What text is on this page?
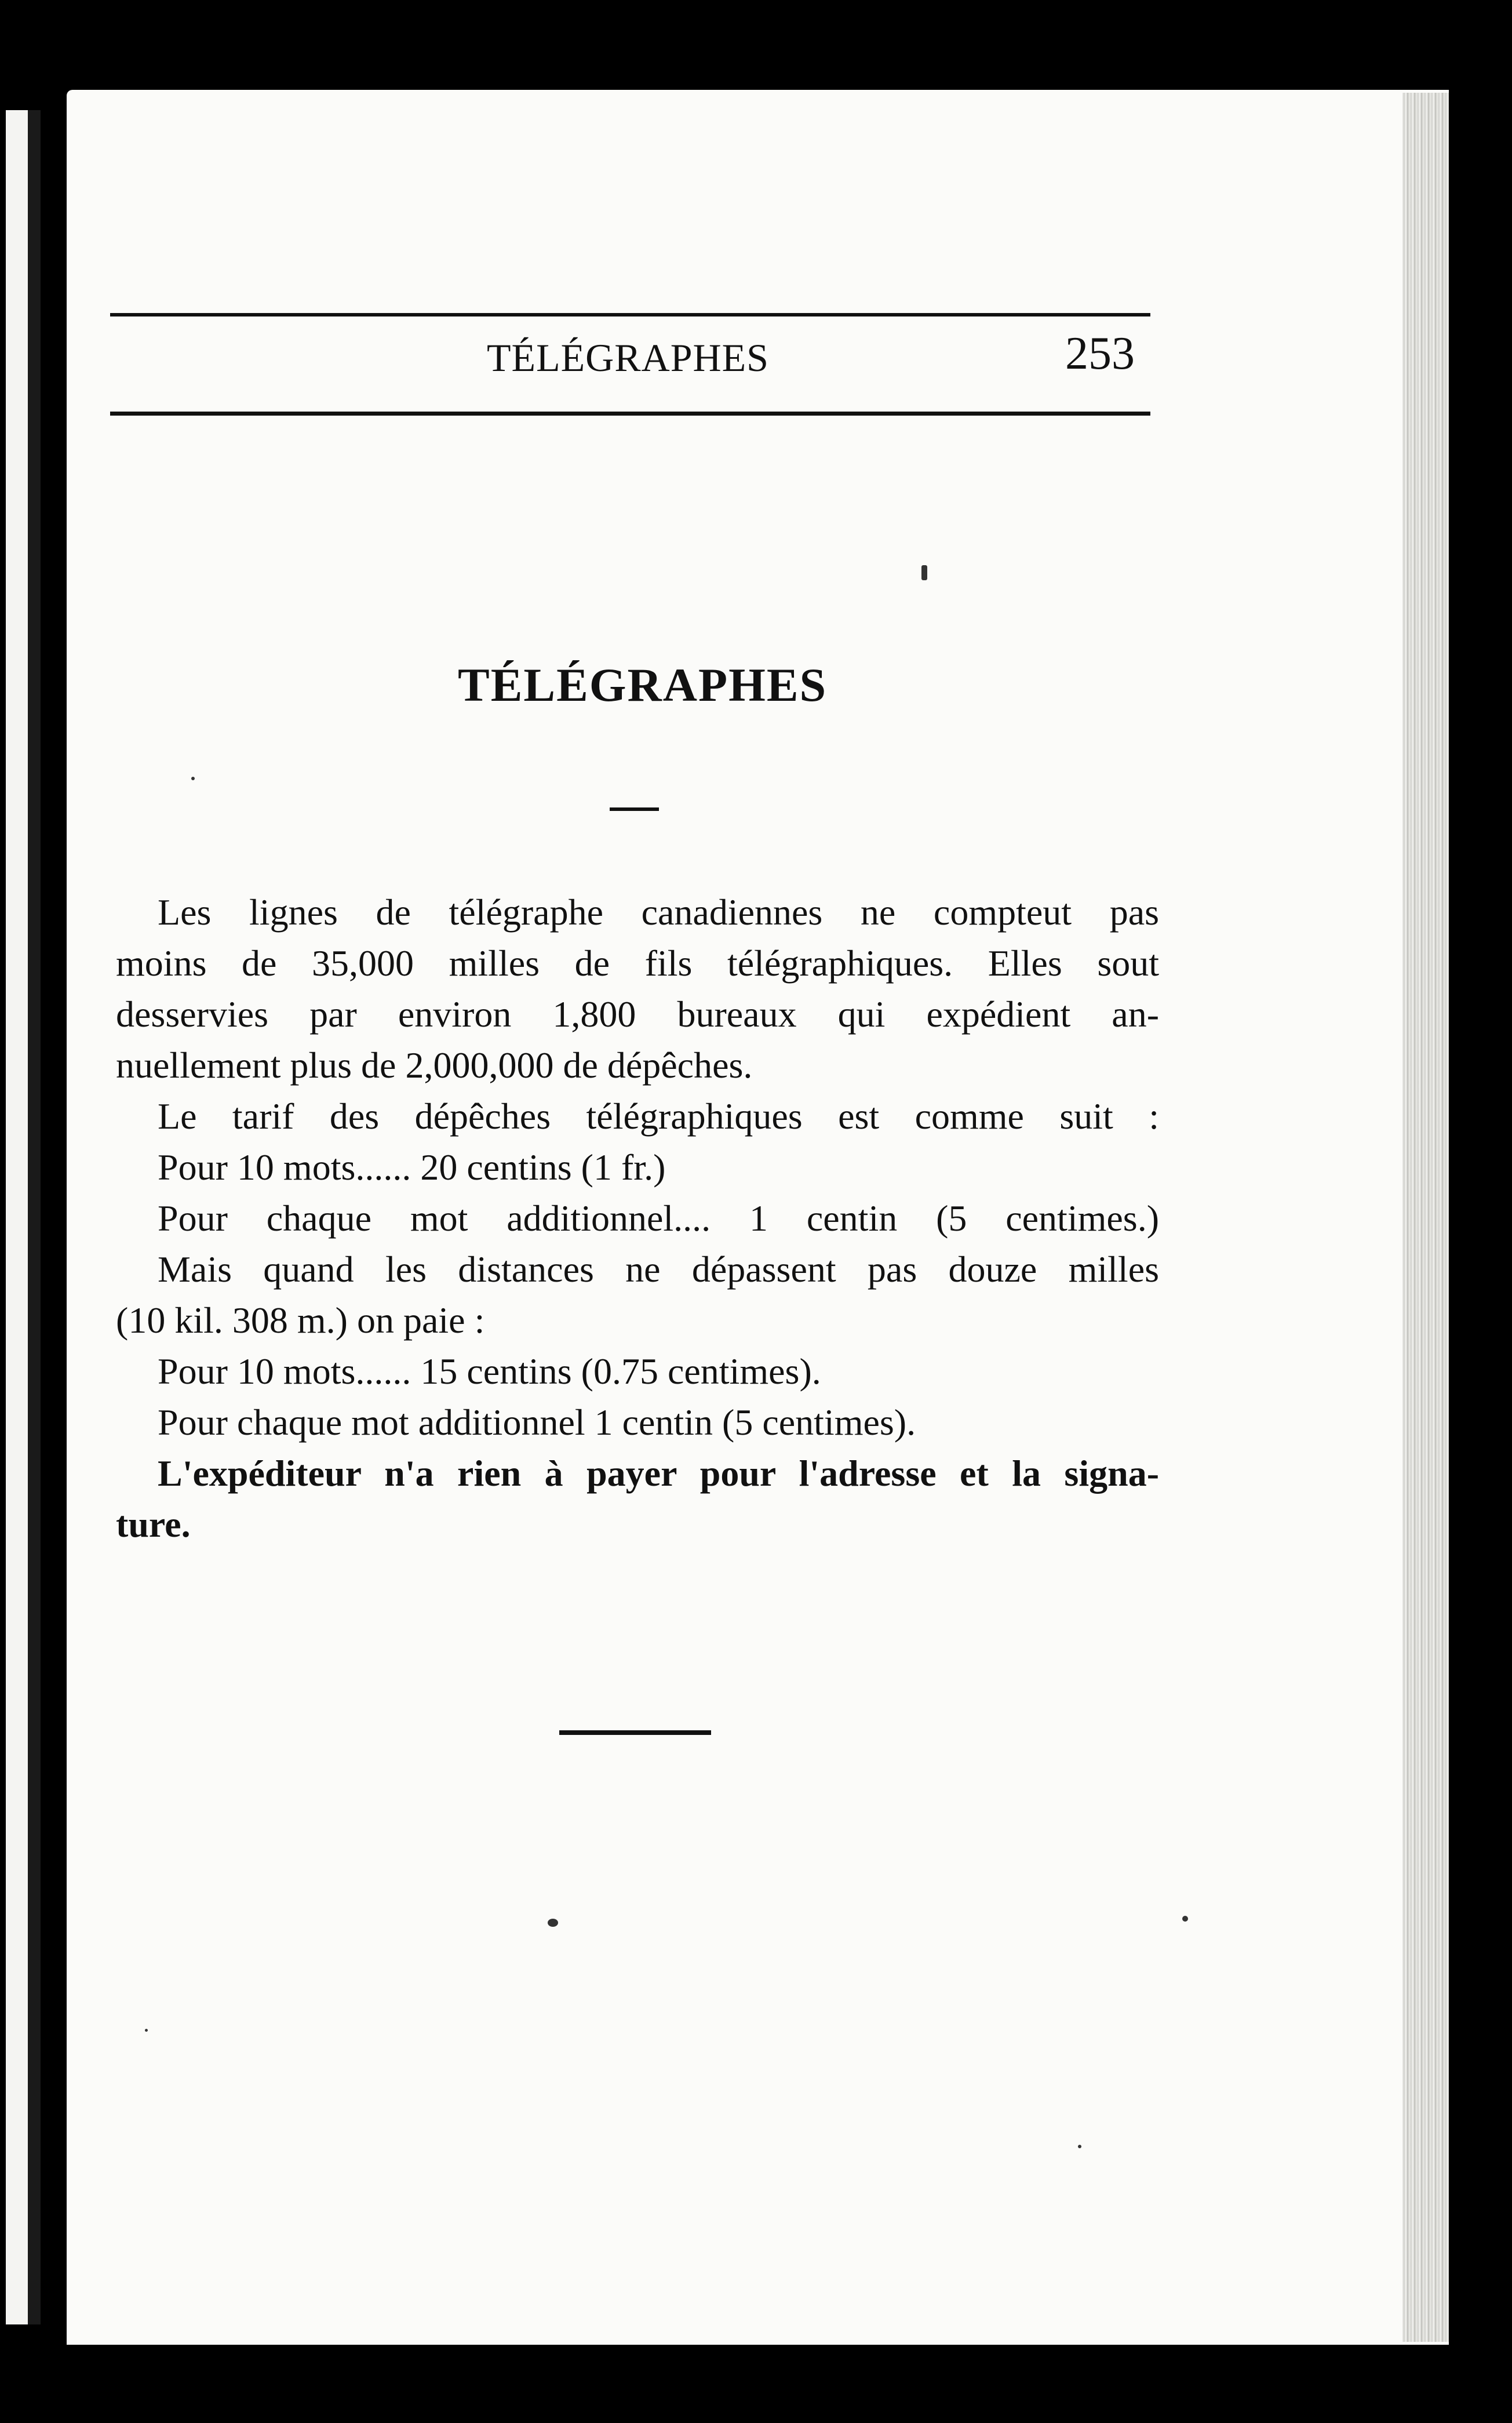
TÉLÉGRAPHES	253
TÉLÉGRAPHES
Les lignes de télégraphe canadiennes ne compteut pas
moins de 35,000 milles de fils télégraphiques. Elles sout
desservies par environ 1,800 bureaux qui expédient an-
nuellement plus de 2,000,000 de dépêches.
Le tarif des dépêches télégraphiques est comme suit :
Pour 10 mots...... 20 centins (1 fr.)
Pour chaque mot additionnel.... 1 centin (5 centimes.)
Mais quand les distances ne dépassent pas douze milles
(10 kil. 308 m.) on paie :
Pour 10 mots...... 15 centins (0.75 centimes).
Pour chaque mot additionnel 1 centin (5 centimes).
L'expéditeur n'a rien à payer pour l'adresse et la signa-
ture.
